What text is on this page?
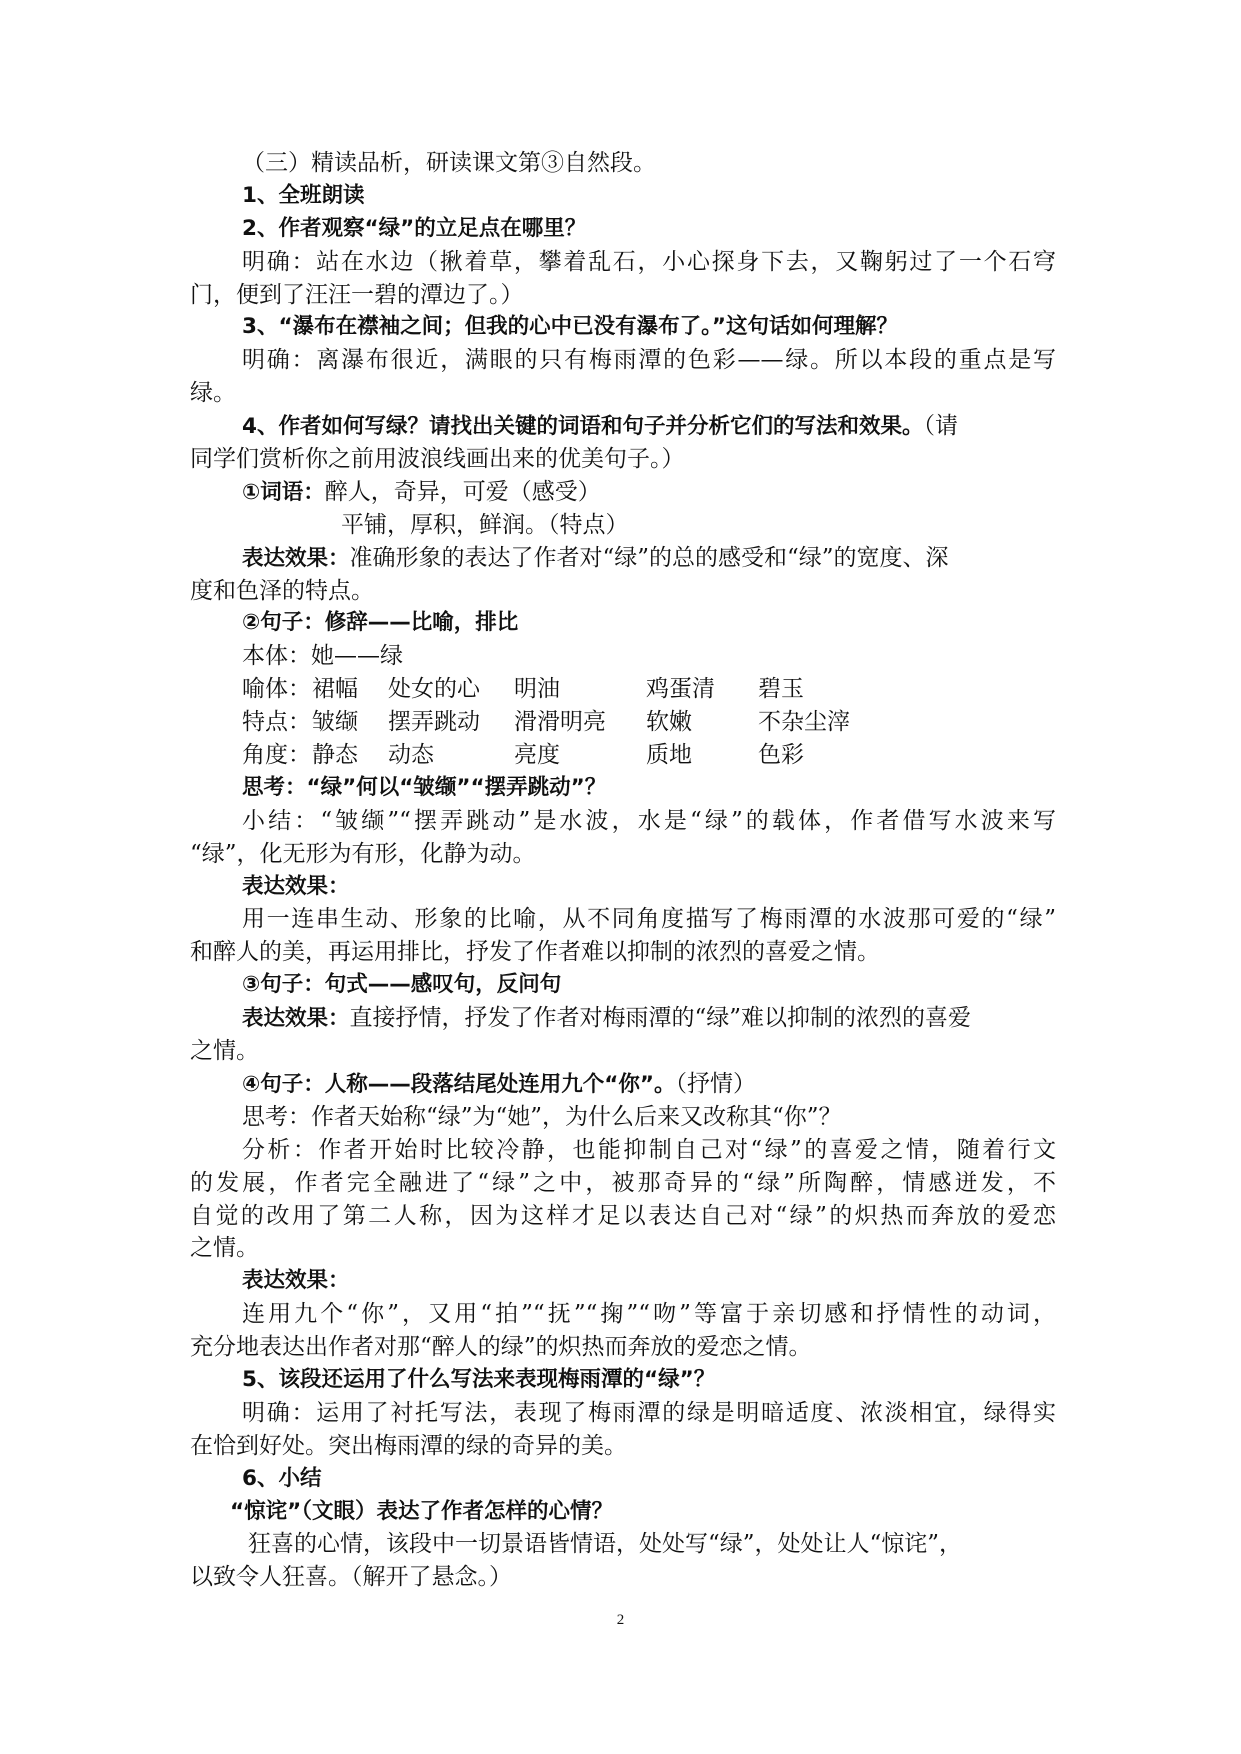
（三）精读品析，研读课文第③自然段。
1、全班朗读
2、作者观察“绿”的立足点在哪里？
明确：站在水边（揪着草，攀着乱石，小心探身下去，又鞠躬过了一个石穹
门，便到了汪汪一碧的潭边了。）
3、“瀑布在襟袖之间；但我的心中已没有瀑布了。”这句话如何理解？
明确：离瀑布很近，满眼的只有梅雨潭的色彩——绿。所以本段的重点是写
绿。
4、作者如何写绿？请找出关键的词语和句子并分析它们的写法和效果。（请
同学们赏析你之前用波浪线画出来的优美句子。）
①词语：醉人，奇异，可爱（感受）
平铺，厚积，鲜润。（特点）
表达效果：准确形象的表达了作者对“绿”的总的感受和“绿”的宽度、深
度和色泽的特点。
②句子：修辞——比喻，排比
本体：她——绿
喻体： 裙幅 处女的心 明油	鸡蛋清 碧玉
特点： 皱缬 摆弄跳动 滑滑明亮 软嫩	不杂尘滓
角度： 静态 动态	亮度	质地	色彩
思考：“绿”何以“皱缬”“摆弄跳动”？
小结：“皱缬”“摆弄跳动”是水波，水是“绿”的载体，作者借写水波来写
“绿”，化无形为有形，化静为动。
表达效果：
用一连串生动、形象的比喻，从不同角度描写了梅雨潭的水波那可爱的“绿”
和醉人的美，再运用排比，抒发了作者难以抑制的浓烈的喜爱之情。
③句子：句式——感叹句，反问句
表达效果：直接抒情，抒发了作者对梅雨潭的“绿”难以抑制的浓烈的喜爱
之情。
④句子：人称——段落结尾处连用九个“你”。（抒情）
思考：作者天始称“绿”为“她”，为什么后来又改称其“你”？
分析：作者开始时比较冷静，也能抑制自己对“绿”的喜爱之情，随着行文
的发展，作者完全融进了“绿”之中，被那奇异的“绿”所陶醉，情感迸发，不
自觉的改用了第二人称，因为这样才足以表达自己对“绿”的炽热而奔放的爱恋
之情。
表达效果：
连用九个“你”，又用“拍”“抚”“掬”“吻”等富于亲切感和抒情性的动词，
充分地表达出作者对那“醉人的绿”的炽热而奔放的爱恋之情。
5、该段还运用了什么写法来表现梅雨潭的“绿”？
明确：运用了衬托写法，表现了梅雨潭的绿是明暗适度、浓淡相宜，绿得实
在恰到好处。突出梅雨潭的绿的奇异的美。
6、小结
“惊诧”（文眼）表达了作者怎样的心情？
狂喜的心情，该段中一切景语皆情语，处处写“绿”，处处让人“惊诧”，
以致令人狂喜。（解开了悬念。）
2
